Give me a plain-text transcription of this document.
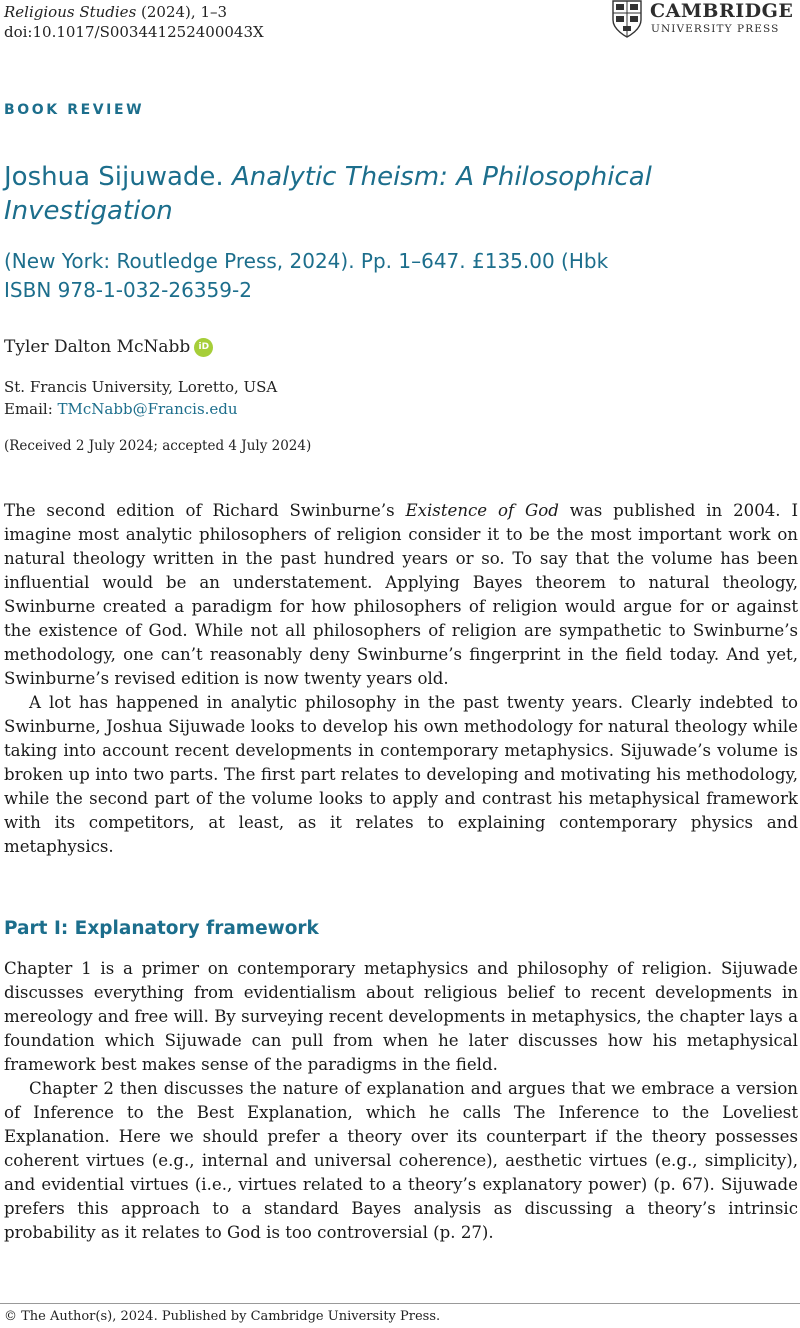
Religious Studies (2024), 1–3
doi:10.1017/S003441252400043X
CAMBRIDGE
UNIVERSITY PRESS
BOOK REVIEW
Joshua Sijuwade. Analytic Theism: A Philosophical Investigation
(New York: Routledge Press, 2024). Pp. 1–647. £135.00 (Hbk
ISBN 978-1-032-26359-2
Tyler Dalton McNabb iD
St. Francis University, Loretto, USA
Email: TMcNabb@Francis.edu
(Received 2 July 2024; accepted 4 July 2024)

The second edition of Richard Swinburne’s Existence of God was published in 2004. I imagine most analytic philosophers of religion consider it to be the most important work on natural theology written in the past hundred years or so. To say that the volume has been influential would be an understatement. Applying Bayes theorem to natural theology, Swinburne created a paradigm for how philosophers of religion would argue for or against the existence of God. While not all philosophers of religion are sympathetic to Swinburne’s methodology, one can’t reasonably deny Swinburne’s fingerprint in the field today. And yet, Swinburne’s revised edition is now twenty years old.

A lot has happened in analytic philosophy in the past twenty years. Clearly indebted to Swinburne, Joshua Sijuwade looks to develop his own methodology for natural theology while taking into account recent developments in contemporary metaphysics. Sijuwade’s volume is broken up into two parts. The first part relates to developing and motivating his methodology, while the second part of the volume looks to apply and contrast his metaphysical framework with its competitors, at least, as it relates to explaining contemporary physics and metaphysics.

Part I: Explanatory framework

Chapter 1 is a primer on contemporary metaphysics and philosophy of religion. Sijuwade discusses everything from evidentialism about religious belief to recent developments in mereology and free will. By surveying recent developments in metaphysics, the chapter lays a foundation which Sijuwade can pull from when he later discusses how his metaphysical framework best makes sense of the paradigms in the field.

Chapter 2 then discusses the nature of explanation and argues that we embrace a version of Inference to the Best Explanation, which he calls The Inference to the Loveliest Explanation. Here we should prefer a theory over its counterpart if the theory possesses coherent virtues (e.g., internal and universal coherence), aesthetic virtues (e.g., simplicity), and evidential virtues (i.e., virtues related to a theory’s explanatory power) (p. 67). Sijuwade prefers this approach to a standard Bayes analysis as discussing a theory’s intrinsic probability as it relates to God is too controversial (p. 27).

© The Author(s), 2024. Published by Cambridge University Press.
